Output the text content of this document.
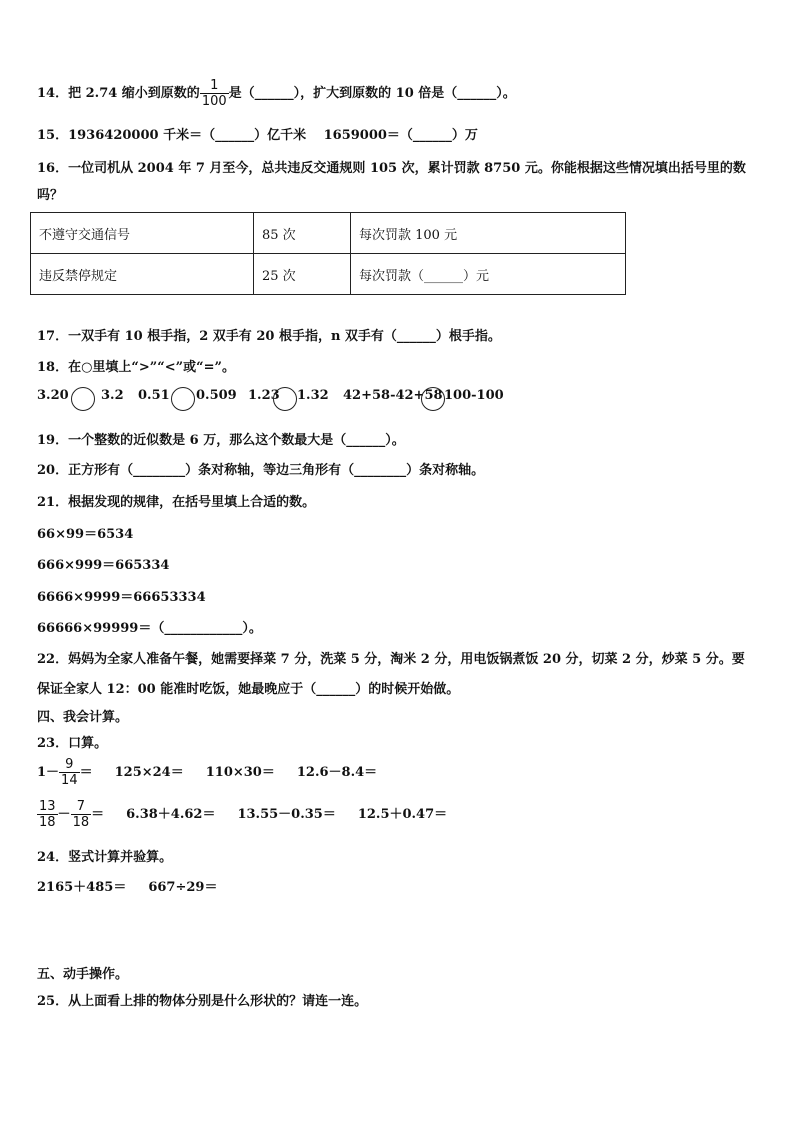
14．把 2.74 缩小到原数的 $\frac{1}{100}$ 是（______），扩大到原数的 10 倍是（______）。
15．1936420000 千米＝（______）亿千米　 1659000＝（______）万
16．一位司机从 2004 年 7 月至今，总共违反交通规则 105 次，累计罚款 8750 元。你能根据这些情况填出括号里的数
吗？
不遵守交通信号	85 次	每次罚款 100 元
违反禁停规定	25 次	每次罚款（______）元
17．一双手有 10 根手指，2 双手有 20 根手指，n 双手有（______）根手指。
18．在○里填上“>”“<”或“=”。
3.20 3.2 0.51 0.509 1.23 1.32 42+58-42+58 100-100
19．一个整数的近似数是 6 万，那么这个数最大是（______）。
20．正方形有（________）条对称轴，等边三角形有（________）条对称轴。
21．根据发现的规律，在括号里填上合适的数。
66×99＝6534
666×999＝665334
6666×9999＝66653334
66666×99999＝（____________）。
22．妈妈为全家人准备午餐，她需要择菜 7 分，洗菜 5 分，淘米 2 分，用电饭锅煮饭 20 分，切菜 2 分，炒菜 5 分。要
保证全家人 12：00 能准时吃饭，她最晚应于（______）的时候开始做。
四、我会计算。
23．口算。
$1- \frac{9}{14} = 125\times 24= 110\times 30= 12.6-8.4=$
$\frac{13}{18} - \frac{7}{18} = 6.38+4.62= 13.55-0.35= 12.5+0.47=$
24．竖式计算并验算。
2165＋485＝ 667÷29＝
五、动手操作。
25．从上面看上排的物体分别是什么形状的？请连一连。
